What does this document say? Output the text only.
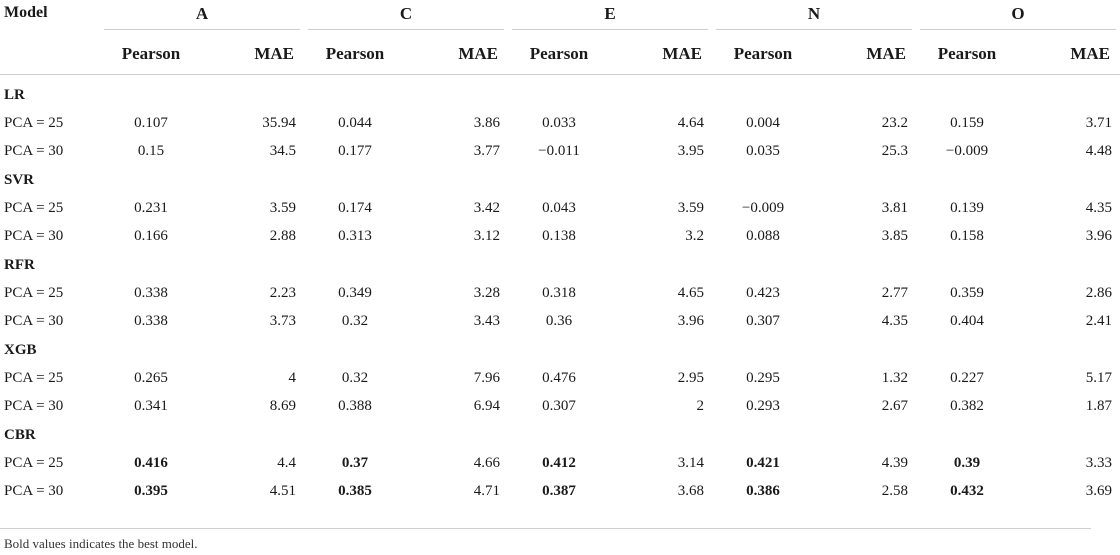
Model	A		C		E		N		O	

	Pearson	MAE	Pearson	MAE	Pearson	MAE	Pearson	MAE	Pearson	MAE

LR										
PCA = 25	0.107	35.94	0.044	3.86	0.033	4.64	0.004	23.2	0.159	3.71
PCA = 30	0.15	34.5	0.177	3.77	−0.011	3.95	0.035	25.3	−0.009	4.48
SVR										
PCA = 25	0.231	3.59	0.174	3.42	0.043	3.59	−0.009	3.81	0.139	4.35
PCA = 30	0.166	2.88	0.313	3.12	0.138	3.2	0.088	3.85	0.158	3.96
RFR										
PCA = 25	0.338	2.23	0.349	3.28	0.318	4.65	0.423	2.77	0.359	2.86
PCA = 30	0.338	3.73	0.32	3.43	0.36	3.96	0.307	4.35	0.404	2.41
XGB										
PCA = 25	0.265	4	0.32	7.96	0.476	2.95	0.295	1.32	0.227	5.17
PCA = 30	0.341	8.69	0.388	6.94	0.307	2	0.293	2.67	0.382	1.87
CBR										
PCA = 25	0.416	4.4	0.37	4.66	0.412	3.14	0.421	4.39	0.39	3.33
PCA = 30	0.395	4.51	0.385	4.71	0.387	3.68	0.386	2.58	0.432	3.69
Bold values indicates the best model.
